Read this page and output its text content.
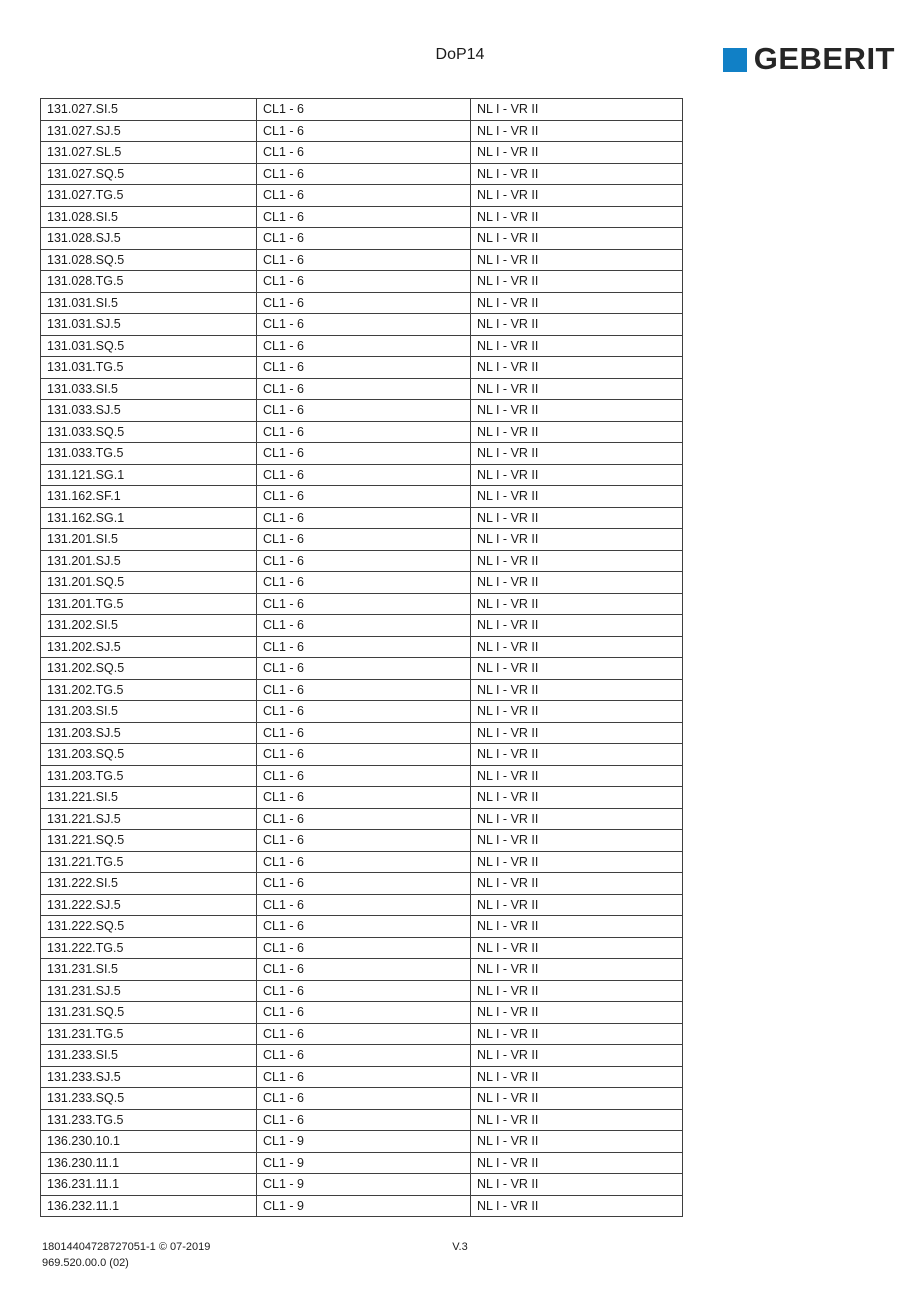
DoP14	GEBERIT
131.027.SI.5	CL1 - 6	NL I - VR II
131.027.SJ.5	CL1 - 6	NL I - VR II
131.027.SL.5	CL1 - 6	NL I - VR II
131.027.SQ.5	CL1 - 6	NL I - VR II
131.027.TG.5	CL1 - 6	NL I - VR II
131.028.SI.5	CL1 - 6	NL I - VR II
131.028.SJ.5	CL1 - 6	NL I - VR II
131.028.SQ.5	CL1 - 6	NL I - VR II
131.028.TG.5	CL1 - 6	NL I - VR II
131.031.SI.5	CL1 - 6	NL I - VR II
131.031.SJ.5	CL1 - 6	NL I - VR II
131.031.SQ.5	CL1 - 6	NL I - VR II
131.031.TG.5	CL1 - 6	NL I - VR II
131.033.SI.5	CL1 - 6	NL I - VR II
131.033.SJ.5	CL1 - 6	NL I - VR II
131.033.SQ.5	CL1 - 6	NL I - VR II
131.033.TG.5	CL1 - 6	NL I - VR II
131.121.SG.1	CL1 - 6	NL I - VR II
131.162.SF.1	CL1 - 6	NL I - VR II
131.162.SG.1	CL1 - 6	NL I - VR II
131.201.SI.5	CL1 - 6	NL I - VR II
131.201.SJ.5	CL1 - 6	NL I - VR II
131.201.SQ.5	CL1 - 6	NL I - VR II
131.201.TG.5	CL1 - 6	NL I - VR II
131.202.SI.5	CL1 - 6	NL I - VR II
131.202.SJ.5	CL1 - 6	NL I - VR II
131.202.SQ.5	CL1 - 6	NL I - VR II
131.202.TG.5	CL1 - 6	NL I - VR II
131.203.SI.5	CL1 - 6	NL I - VR II
131.203.SJ.5	CL1 - 6	NL I - VR II
131.203.SQ.5	CL1 - 6	NL I - VR II
131.203.TG.5	CL1 - 6	NL I - VR II
131.221.SI.5	CL1 - 6	NL I - VR II
131.221.SJ.5	CL1 - 6	NL I - VR II
131.221.SQ.5	CL1 - 6	NL I - VR II
131.221.TG.5	CL1 - 6	NL I - VR II
131.222.SI.5	CL1 - 6	NL I - VR II
131.222.SJ.5	CL1 - 6	NL I - VR II
131.222.SQ.5	CL1 - 6	NL I - VR II
131.222.TG.5	CL1 - 6	NL I - VR II
131.231.SI.5	CL1 - 6	NL I - VR II
131.231.SJ.5	CL1 - 6	NL I - VR II
131.231.SQ.5	CL1 - 6	NL I - VR II
131.231.TG.5	CL1 - 6	NL I - VR II
131.233.SI.5	CL1 - 6	NL I - VR II
131.233.SJ.5	CL1 - 6	NL I - VR II
131.233.SQ.5	CL1 - 6	NL I - VR II
131.233.TG.5	CL1 - 6	NL I - VR II
136.230.10.1	CL1 - 9	NL I - VR II
136.230.11.1	CL1 - 9	NL I - VR II
136.231.11.1	CL1 - 9	NL I - VR II
136.232.11.1	CL1 - 9	NL I - VR II
V.3
18014404728727051-1 © 07-2019
969.520.00.0 (02)
